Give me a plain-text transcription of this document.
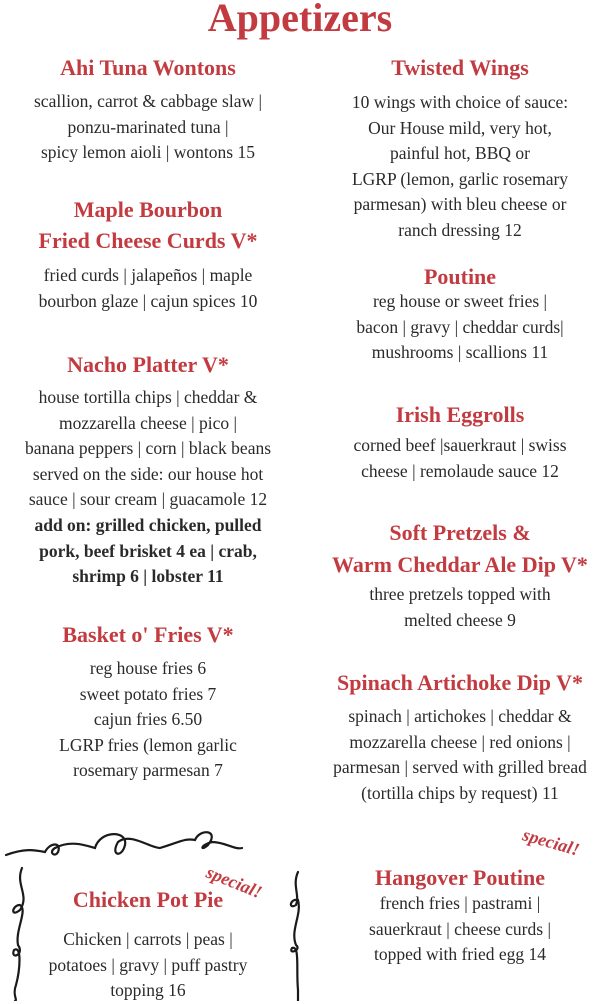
Appetizers
Ahi Tuna Wontons
scallion, carrot & cabbage slaw |
ponzu-marinated tuna |
spicy lemon aioli | wontons 15
Maple Bourbon
Fried Cheese Curds V*
fried curds | jalapeños | maple
bourbon glaze | cajun spices 10
Nacho Platter V*
house tortilla chips | cheddar &
mozzarella cheese | pico |
banana peppers | corn | black beans
served on the side: our house hot
sauce | sour cream | guacamole 12
add on: grilled chicken, pulled
pork, beef brisket 4 ea | crab,
shrimp 6 | lobster 11
Basket o' Fries V*
reg house fries 6
sweet potato fries 7
cajun fries 6.50
LGRP fries (lemon garlic
rosemary parmesan 7
Chicken Pot Pie
Chicken | carrots | peas |
potatoes | gravy | puff pastry
topping 16
special!
Twisted Wings
10 wings with choice of sauce:
Our House mild, very hot,
painful hot, BBQ or
LGRP (lemon, garlic rosemary
parmesan) with bleu cheese or
ranch dressing 12
Poutine
reg house or sweet fries |
bacon | gravy | cheddar curds|
mushrooms | scallions 11
Irish Eggrolls
corned beef |sauerkraut | swiss
cheese | remolaude sauce 12
Soft Pretzels &
Warm Cheddar Ale Dip V*
three pretzels topped with
melted cheese 9
Spinach Artichoke Dip V*
spinach | artichokes | cheddar &
mozzarella cheese | red onions |
parmesan | served with grilled bread
(tortilla chips by request) 11
Hangover Poutine
french fries | pastrami |
sauerkraut | cheese curds |
topped with fried egg 14
special!
